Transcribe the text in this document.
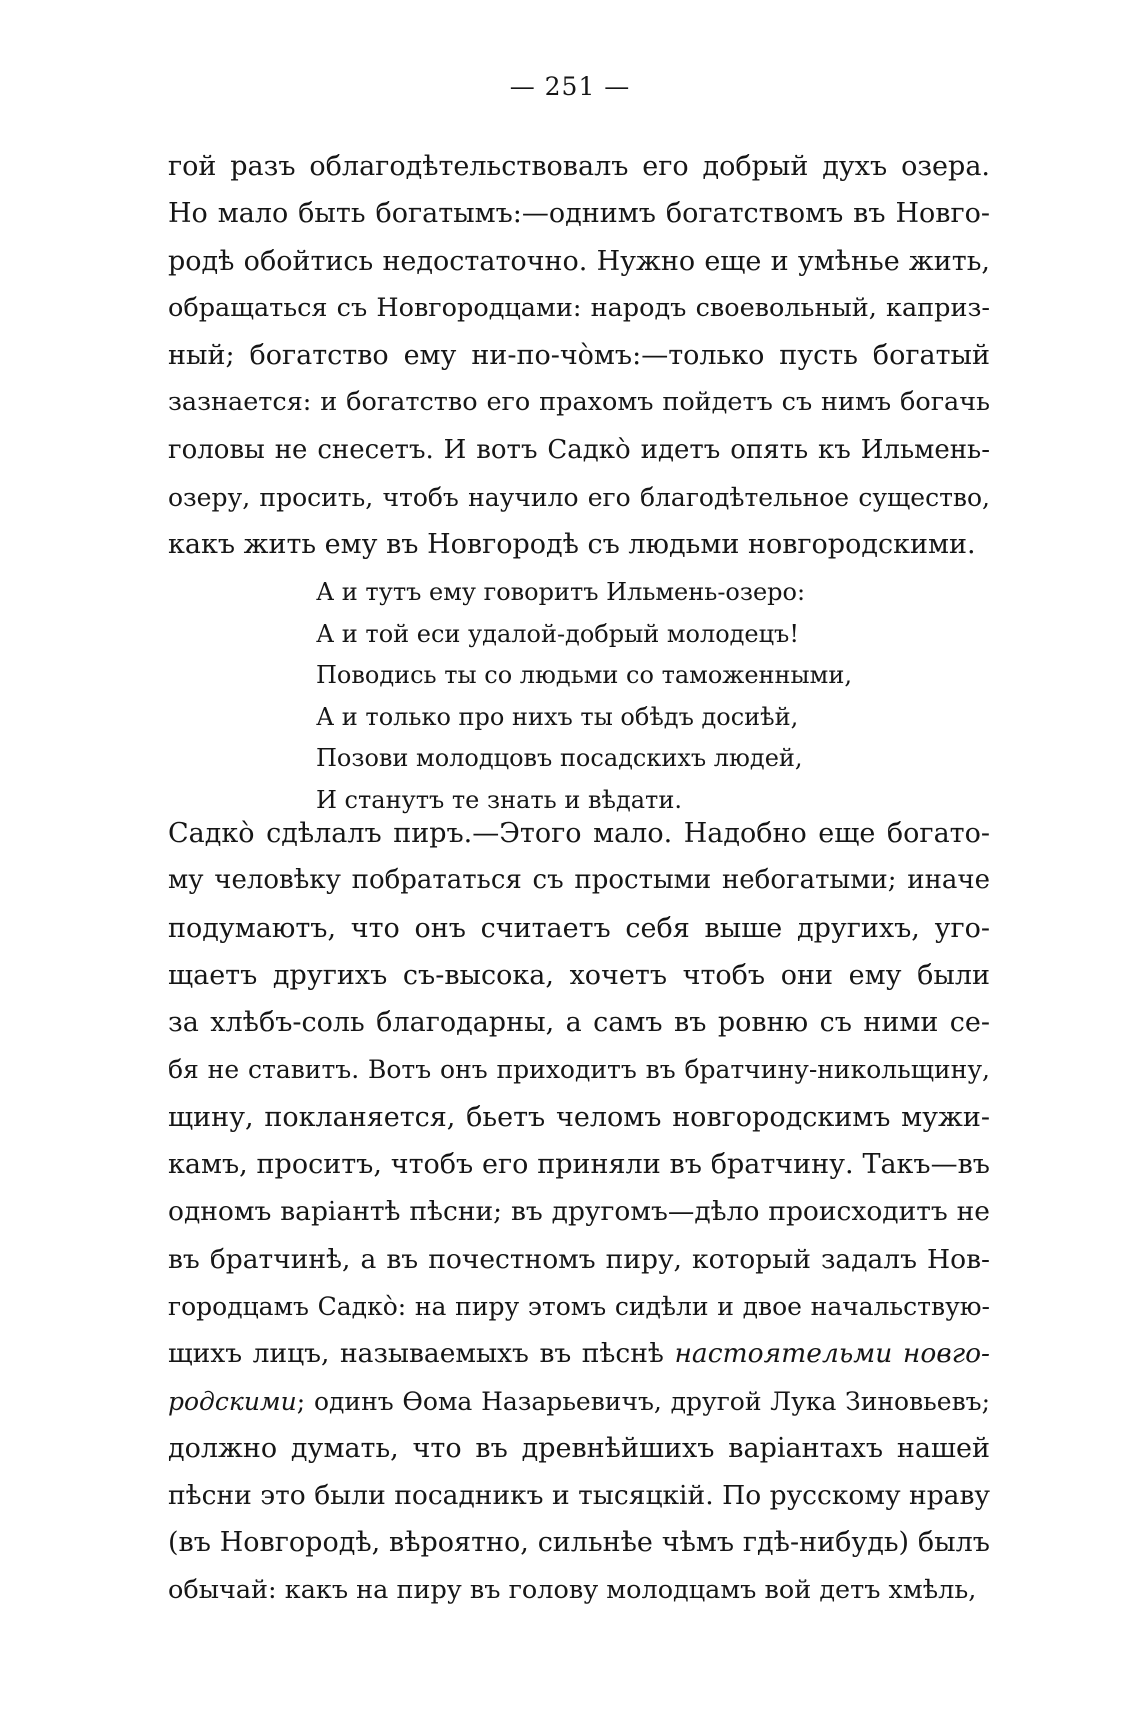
— 251 —
гой разъ облагодѣтельствовалъ его добрый духъ озера.
Но мало быть богатымъ:—однимъ богатствомъ въ Новго-
родѣ обойтись недостаточно. Нужно еще и умѣнье жить,
обращаться съ Новгородцами: народъ своевольный, каприз-
ный; богатство ему ни-по-чо̀мъ:—только пусть богатый
зазнается: и богатство его прахомъ пойдетъ съ нимъ богачь
головы не снесетъ. И вотъ Садко̀ идетъ опять къ Ильмень-
озеру, просить, чтобъ научило его благодѣтельное существо,
какъ жить ему въ Новгородѣ съ людьми новгородскими.
А и тутъ ему говоритъ Ильмень-озеро:
А и той еси удалой-добрый молодецъ!
Поводись ты со людьми со таможенными,
А и только про нихъ ты обѣдъ досиѣй,
Позови молодцовъ посадскихъ людей,
И станутъ те знать и вѣдати.
Садко̀ сдѣлалъ пиръ.—Этого мало. Надобно еще богато-
му человѣку побрататься съ простыми небогатыми; иначе
подумаютъ, что онъ считаетъ себя выше другихъ, уго-
щаетъ другихъ съ-высока, хочетъ чтобъ они ему были
за хлѣбъ-соль благодарны, а самъ въ ровню съ ними се-
бя не ставитъ. Вотъ онъ приходитъ въ братчину-никольщину,
щину, покланяется, бьетъ челомъ новгородскимъ мужи-
камъ, проситъ, чтобъ его приняли въ братчину. Такъ—въ
одномъ варіантѣ пѣсни; въ другомъ—дѣло происходитъ не
въ братчинѣ, а въ почестномъ пиру, который задалъ Нов-
городцамъ Садко̀: на пиру этомъ сидѣли и двое начальствую-
щихъ лицъ, называемыхъ въ пѣснѣ настоятельми новго-
родскими; одинъ Ѳома Назарьевичъ, другой Лука Зиновьевъ;
должно думать, что въ древнѣйшихъ варіантахъ нашей
пѣсни это были посадникъ и тысяцкій. По русскому нраву
(въ Новгородѣ, вѣроятно, сильнѣе чѣмъ гдѣ-нибудь) былъ
обычай: какъ на пиру въ голову молодцамъ вой детъ хмѣль,
